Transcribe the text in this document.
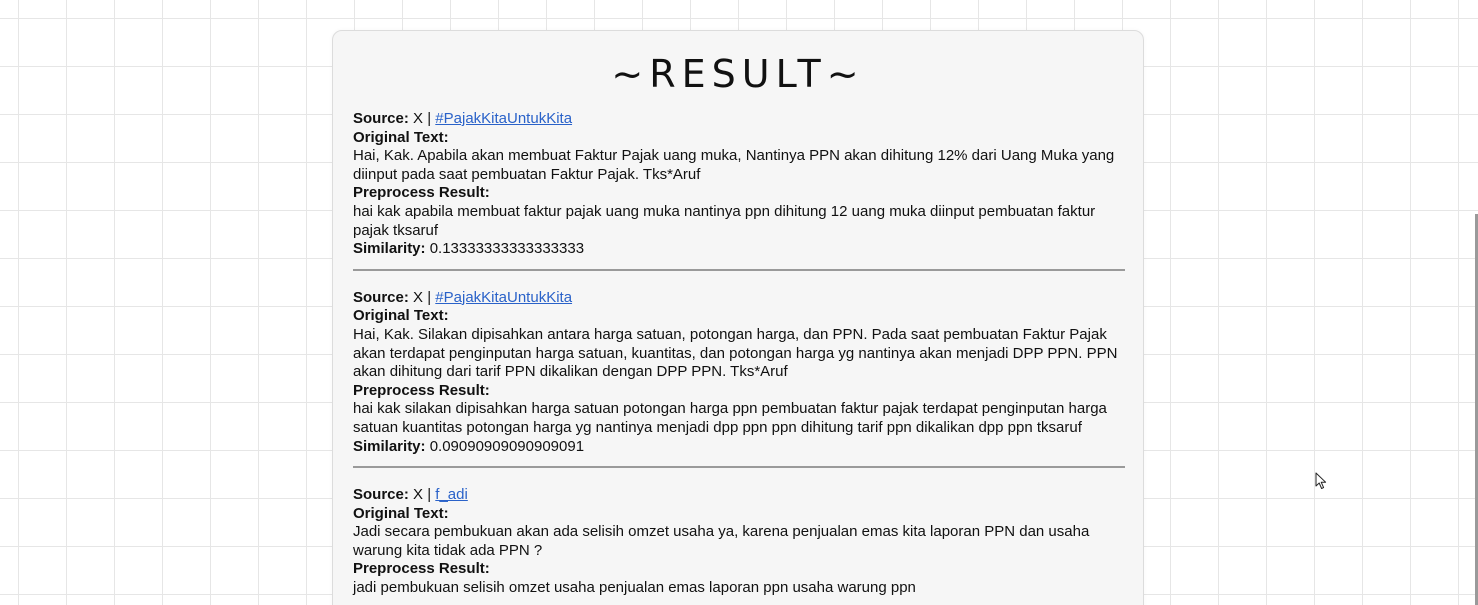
~RESULT~

Source: X | #PajakKitaUntukKita

Original Text:

Hai, Kak. Apabila akan membuat Faktur Pajak uang muka, Nantinya PPN akan dihitung 12% dari Uang Muka yang diinput pada saat pembuatan Faktur Pajak. Tks*Aruf

Preprocess Result:

hai kak apabila membuat faktur pajak uang muka nantinya ppn dihitung 12 uang muka diinput pembuatan faktur pajak tksaruf

Similarity: 0.13333333333333333

Source: X | #PajakKitaUntukKita

Original Text:

Hai, Kak. Silakan dipisahkan antara harga satuan, potongan harga, dan PPN. Pada saat pembuatan Faktur Pajak akan terdapat penginputan harga satuan, kuantitas, dan potongan harga yg nantinya akan menjadi DPP PPN. PPN akan dihitung dari tarif PPN dikalikan dengan DPP PPN. Tks*Aruf

Preprocess Result:

hai kak silakan dipisahkan harga satuan potongan harga ppn pembuatan faktur pajak terdapat penginputan harga satuan kuantitas potongan harga yg nantinya menjadi dpp ppn ppn dihitung tarif ppn dikalikan dpp ppn tksaruf

Similarity: 0.09090909090909091

Source: X | f_adi

Original Text:

Jadi secara pembukuan akan ada selisih omzet usaha ya, karena penjualan emas kita laporan PPN dan usaha warung kita tidak ada PPN ?

Preprocess Result:

jadi pembukuan selisih omzet usaha penjualan emas laporan ppn usaha warung ppn
